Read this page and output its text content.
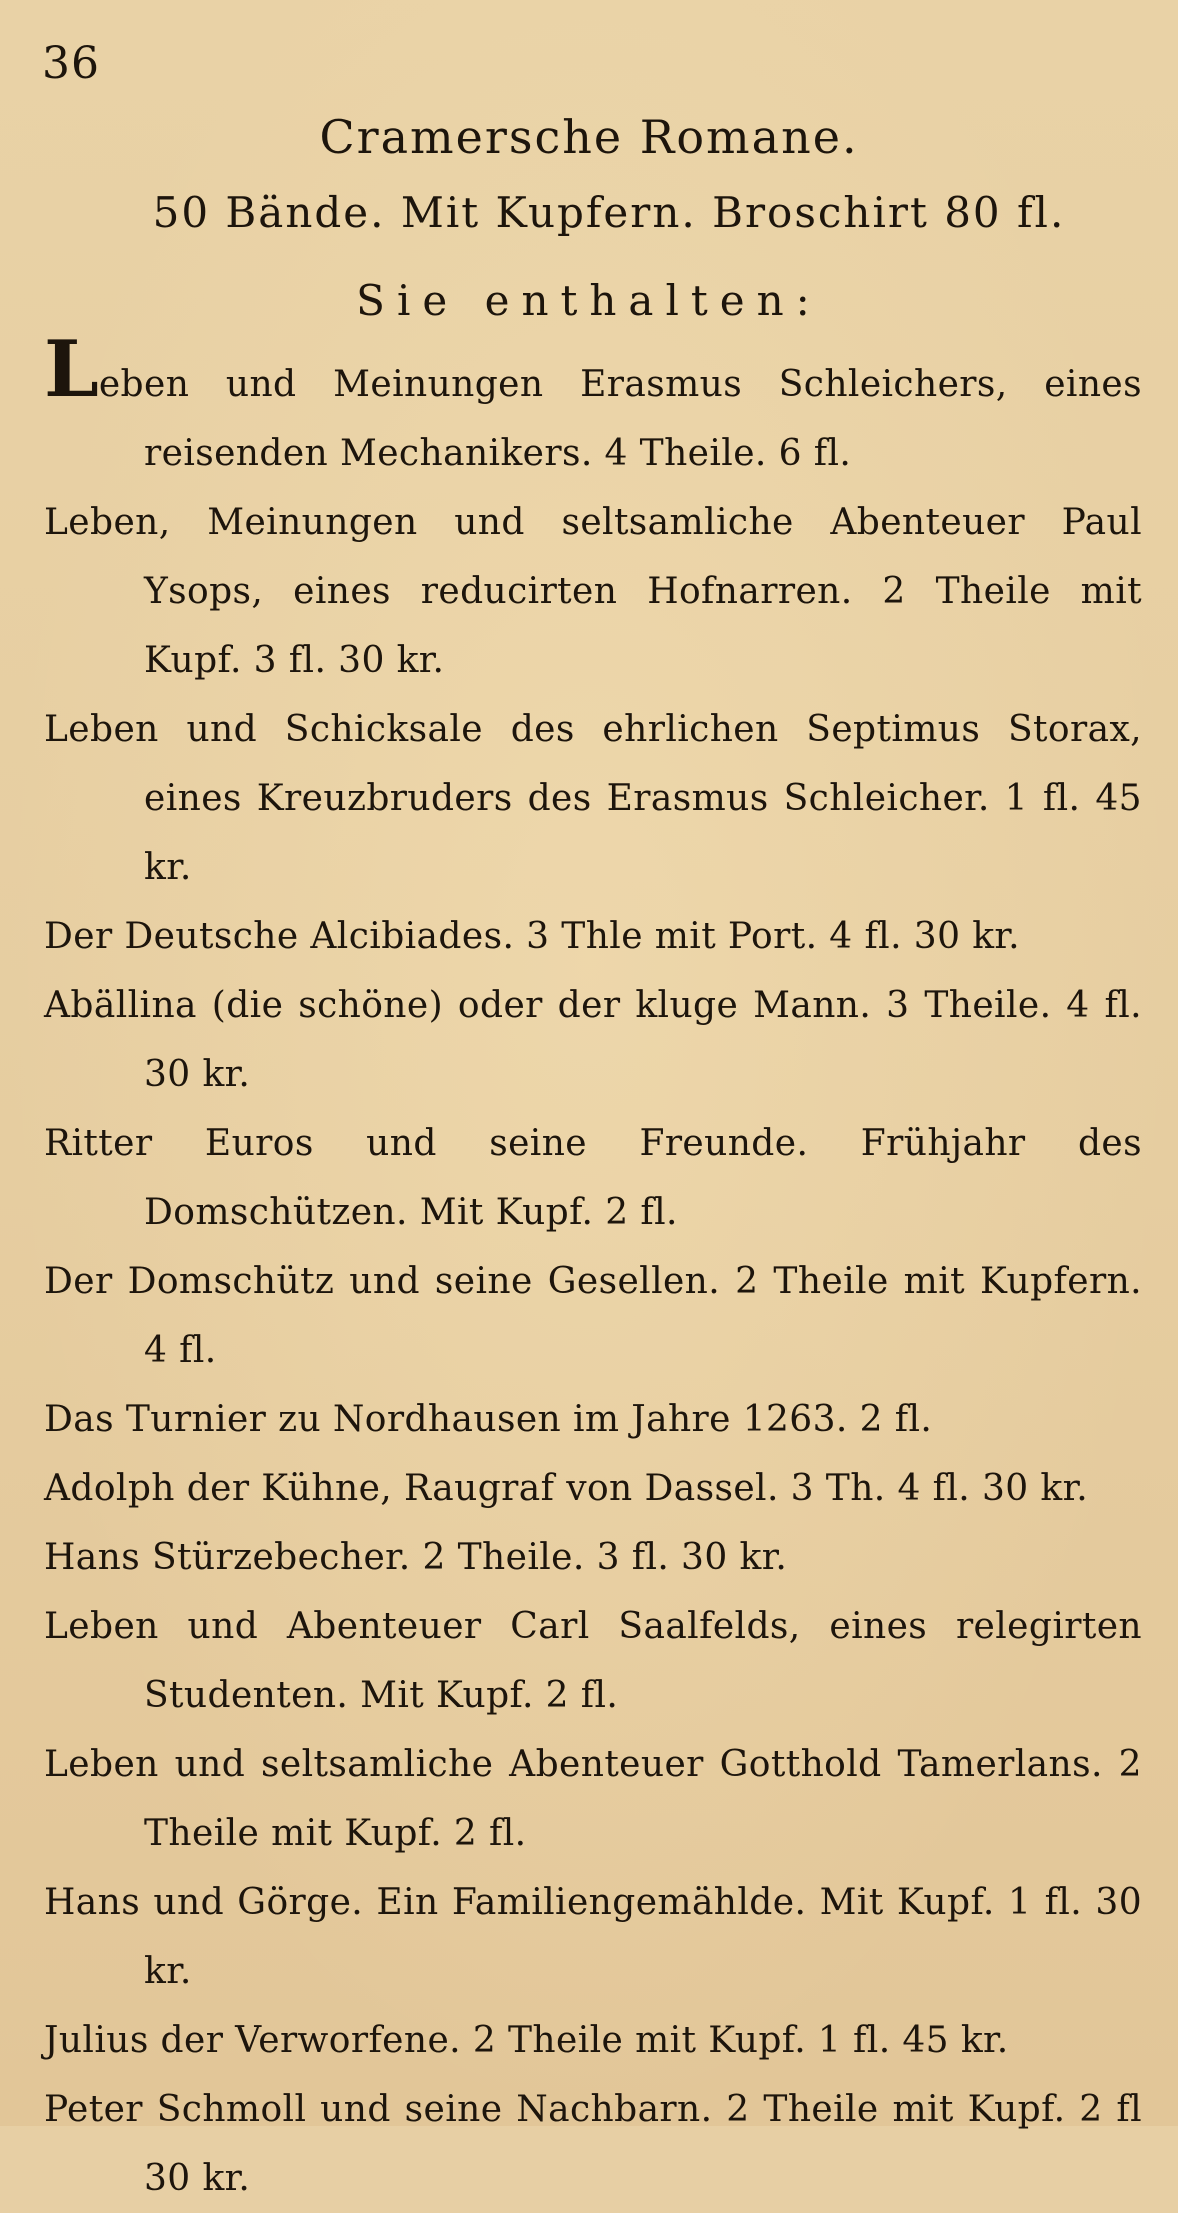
36
Cramersche Romane.
50 Bände. Mit Kupfern. Broschirt 80 fl.
Sie enthalten:
Leben und Meinungen Erasmus Schleichers, eines reisenden Mechanikers. 4 Theile. 6 fl.
Leben, Meinungen und seltsamliche Abenteuer Paul Ysops, eines reducirten Hofnarren. 2 Theile mit Kupf. 3 fl. 30 kr.
Leben und Schicksale des ehrlichen Septimus Storax, eines Kreuzbruders des Erasmus Schleicher. 1 fl. 45 kr.
Der Deutsche Alcibiades. 3 Thle mit Port. 4 fl. 30 kr.
Abällina (die schöne) oder der kluge Mann. 3 Theile. 4 fl. 30 kr.
Ritter Euros und seine Freunde. Frühjahr des Domschützen. Mit Kupf. 2 fl.
Der Domschütz und seine Gesellen. 2 Theile mit Kupfern. 4 fl.
Das Turnier zu Nordhausen im Jahre 1263. 2 fl.
Adolph der Kühne, Raugraf von Dassel. 3 Th. 4 fl. 30 kr.
Hans Stürzebecher. 2 Theile. 3 fl. 30 kr.
Leben und Abenteuer Carl Saalfelds, eines relegirten Studenten. Mit Kupf. 2 fl.
Leben und seltsamliche Abenteuer Gotthold Tamerlans. 2 Theile mit Kupf. 2 fl.
Hans und Görge. Ein Familiengemählde. Mit Kupf. 1 fl. 30 kr.
Julius der Verworfene. 2 Theile mit Kupf. 1 fl. 45 kr.
Peter Schmoll und seine Nachbarn. 2 Theile mit Kupf. 2 fl 30 kr.
